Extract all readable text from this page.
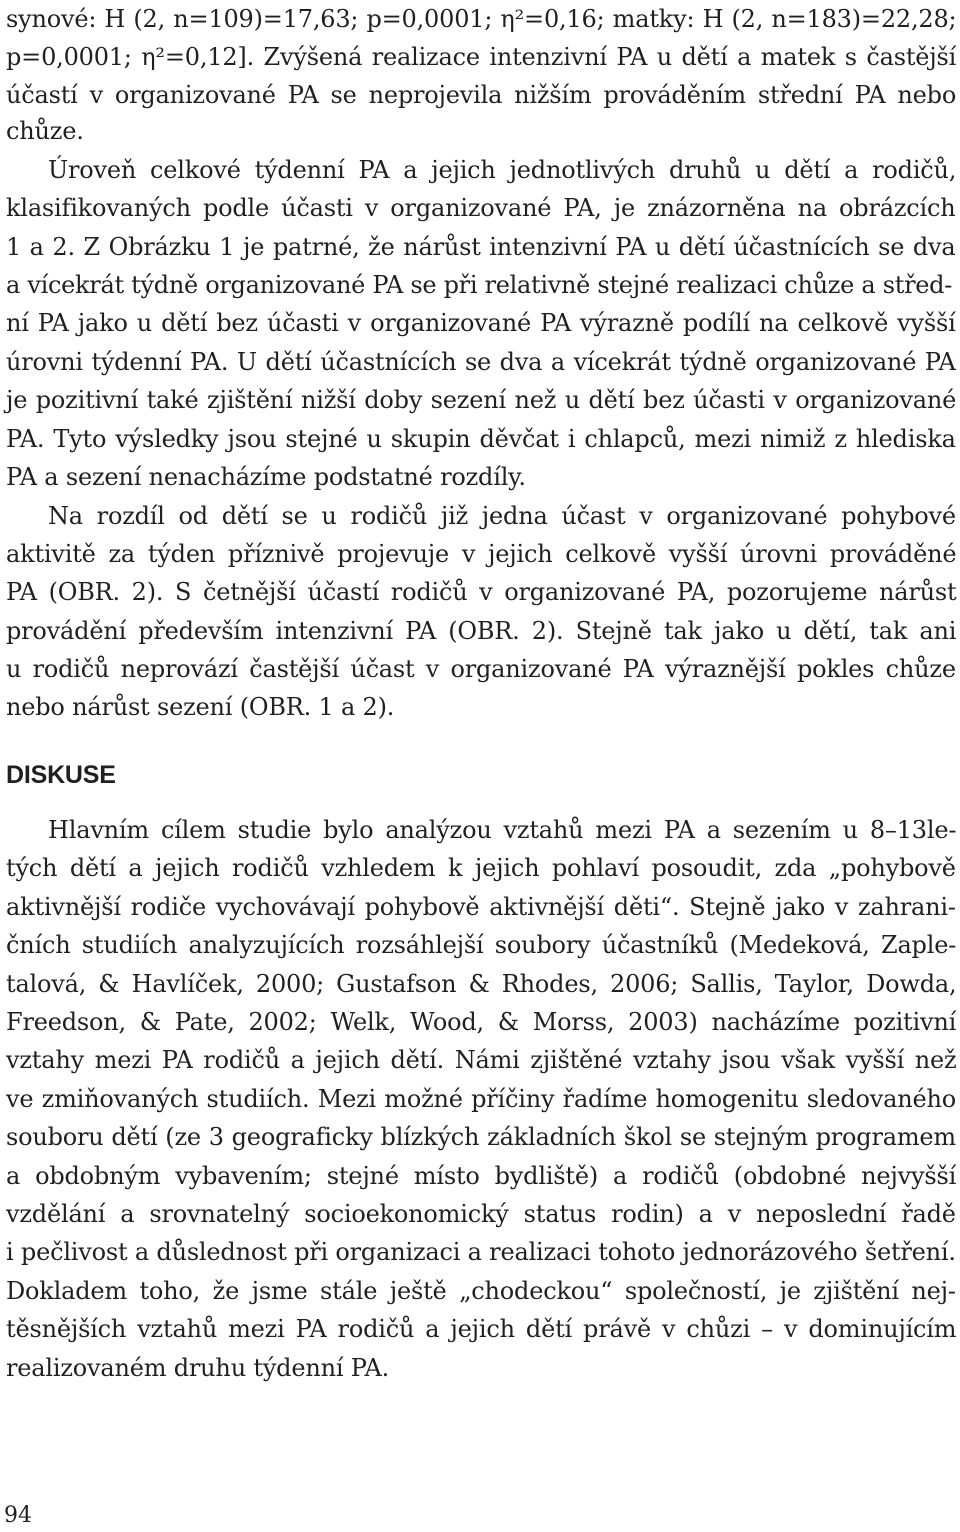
synové: H (2, n=109)=17,63; p=0,0001; η²=0,16; matky: H (2, n=183)=22,28;
p=0,0001; η²=0,12]. Zvýšená realizace intenzivní PA u dětí a matek s častější
účastí v organizované PA se neprojevila nižším prováděním střední PA nebo
chůze.
Úroveň celkové týdenní PA a jejich jednotlivých druhů u dětí a rodičů,
klasifikovaných podle účasti v organizované PA, je znázorněna na obrázcích
1 a 2. Z Obrázku 1 je patrné, že nárůst intenzivní PA u dětí účastnících se dva
a vícekrát týdně organizované PA se při relativně stejné realizaci chůze a střed-
ní PA jako u dětí bez účasti v organizované PA výrazně podílí na celkově vyšší
úrovni týdenní PA. U dětí účastnících se dva a vícekrát týdně organizované PA
je pozitivní také zjištění nižší doby sezení než u dětí bez účasti v organizované
PA. Tyto výsledky jsou stejné u skupin děvčat i chlapců, mezi nimiž z hlediska
PA a sezení nenacházíme podstatné rozdíly.
Na rozdíl od dětí se u rodičů již jedna účast v organizované pohybové
aktivitě za týden příznivě projevuje v jejich celkově vyšší úrovni prováděné
PA (OBR. 2). S četnější účastí rodičů v organizované PA, pozorujeme nárůst
provádění především intenzivní PA (OBR. 2). Stejně tak jako u dětí, tak ani
u rodičů neprovází častější účast v organizované PA výraznější pokles chůze
nebo nárůst sezení (OBR. 1 a 2).
DISKUSE
Hlavním cílem studie bylo analýzou vztahů mezi PA a sezením u 8–13le-
tých dětí a jejich rodičů vzhledem k jejich pohlaví posoudit, zda „pohybově
aktivnější rodiče vychovávají pohybově aktivnější děti“. Stejně jako v zahrani-
čních studiích analyzujících rozsáhlejší soubory účastníků (Medeková, Zaple-
talová, & Havlíček, 2000; Gustafson & Rhodes, 2006; Sallis, Taylor, Dowda,
Freedson, & Pate, 2002; Welk, Wood, & Morss, 2003) nacházíme pozitivní
vztahy mezi PA rodičů a jejich dětí. Námi zjištěné vztahy jsou však vyšší než
ve zmiňovaných studiích. Mezi možné příčiny řadíme homogenitu sledovaného
souboru dětí (ze 3 geograficky blízkých základních škol se stejným programem
a obdobným vybavením; stejné místo bydliště) a rodičů (obdobné nejvyšší
vzdělání a srovnatelný socioekonomický status rodin) a v neposlední řadě
i pečlivost a důslednost při organizaci a realizaci tohoto jednorázového šetření.
Dokladem toho, že jsme stále ještě „chodeckou“ společností, je zjištění nej-
těsnějších vztahů mezi PA rodičů a jejich dětí právě v chůzi – v dominujícím
realizovaném druhu týdenní PA.
94
